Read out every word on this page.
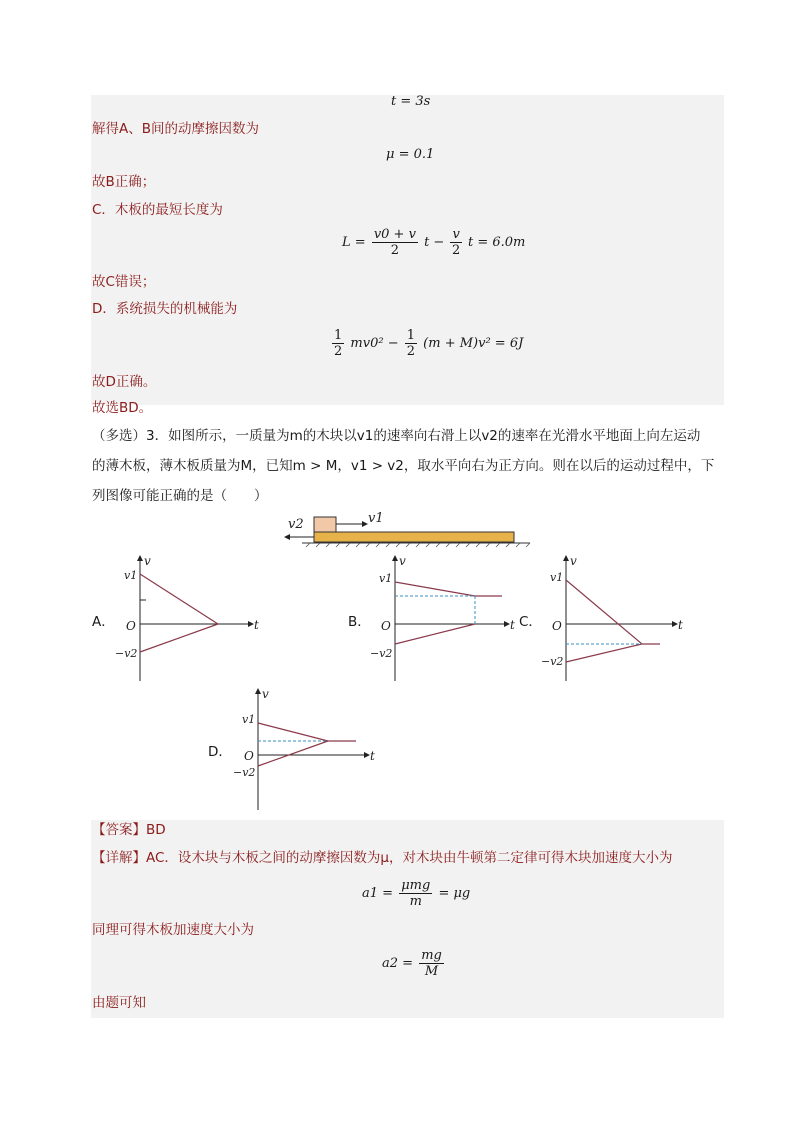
t = 3s
解得A、B间的动摩擦因数为
μ = 0.1
故B正确；
C．木板的最短长度为
$L = \frac{v0 + v}{2}$ $t - \frac{v}{2}$ t = 6.0m
故C错误；
D．系统损失的机械能为
$\frac{1}{2} mv0^2 - \frac{1}{2} (m + M)v^2 = 6J$
故D正确。
故选BD。
（多选）3．如图所示，一质量为m的木块以v1的速率向右滑上以v2的速率在光滑水平地面上向左运动
的薄木板，薄木板质量为M，已知m > M，v1 > v2，取水平向右为正方向。则在以后的运动过程中，下
列图像可能正确的是（　　）
v1
v2
A．
v
t
O
v1
−v2
B．
v
t
O
v1
−v2
C．
v
t
O
v1
−v2
D．
v
t
O
v1
−v2
【答案】BD
【详解】AC．设木块与木板之间的动摩擦因数为μ，对木块由牛顿第二定律可得木块加速度大小为
$a1 = \frac{\text{μmg}}{m} = \mu g$
同理可得木板加速度大小为
$a2 = \frac{mg}{M}$
由题可知
